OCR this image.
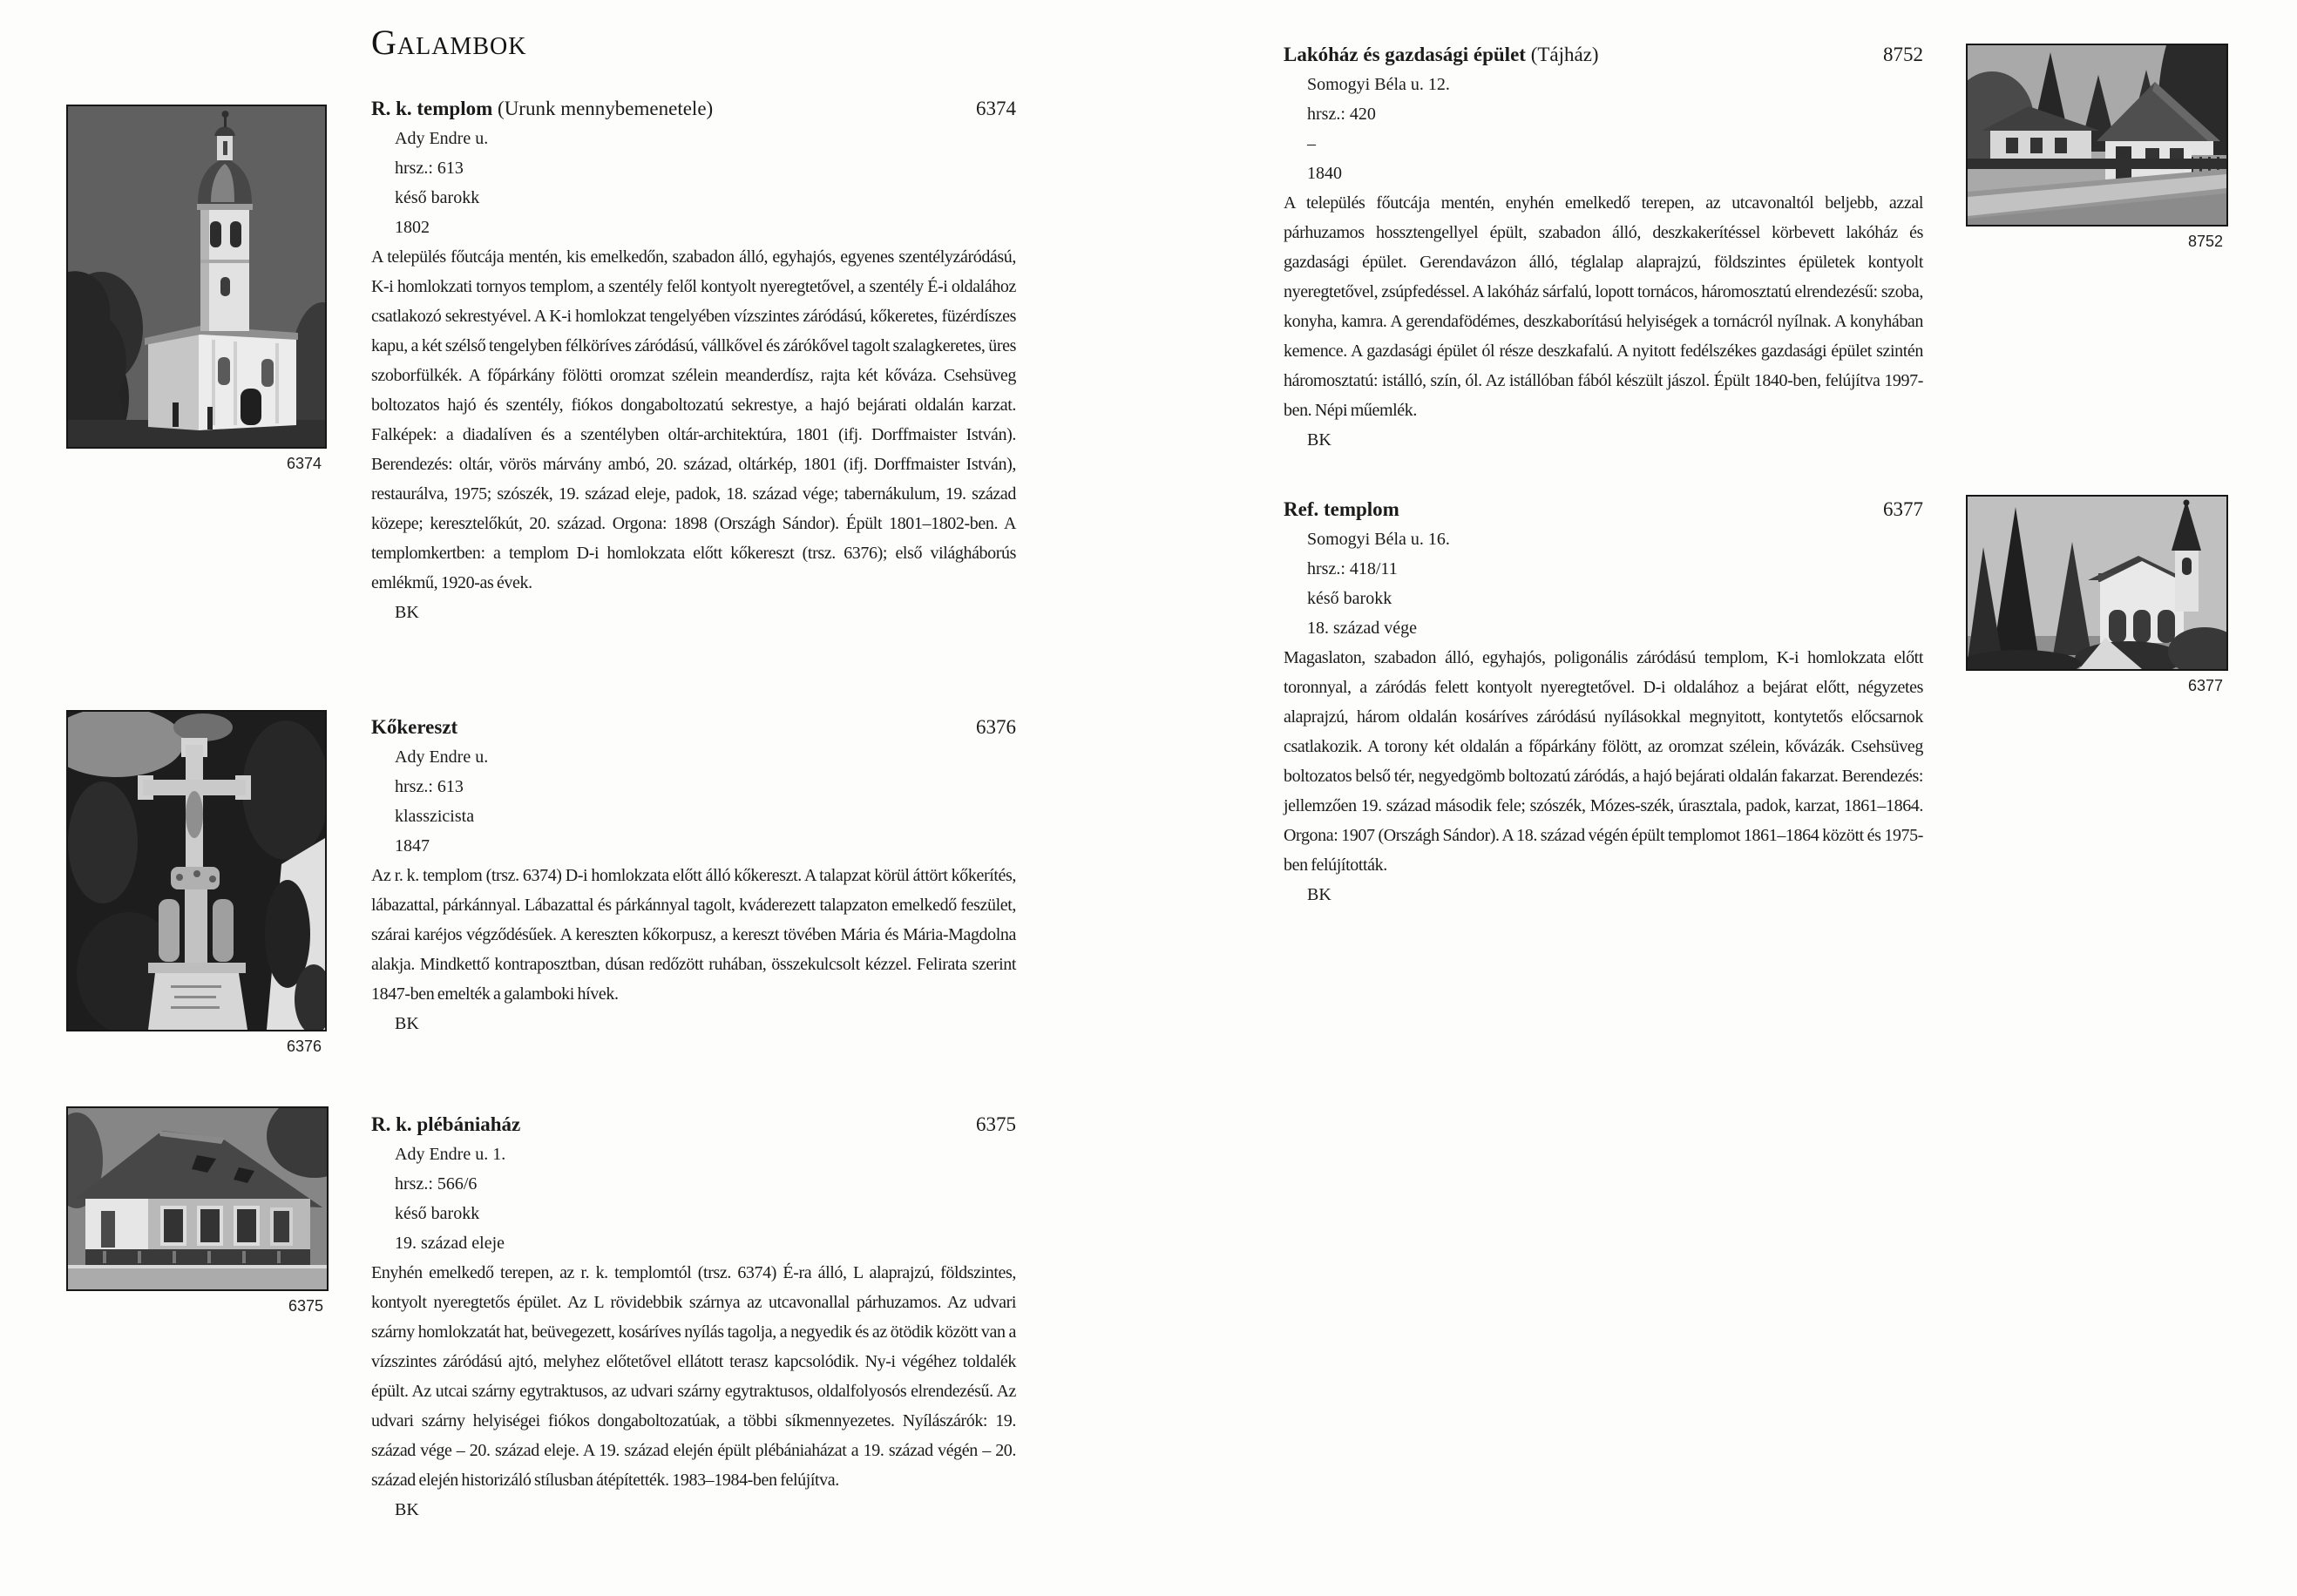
Galambok
6374
6376
6375
8752
6377
R. k. templom (Urunk mennybemenetele)	6374
Ady Endre u.
hrsz.: 613
késő barokk
1802

A település főutcája mentén, kis emelkedőn, szabadon álló, egyhajós, egyenes szentélyzáródású, K-i homlokzati tornyos templom, a szentély felől kontyolt nyeregtetővel, a szentély É-i oldalához csatlakozó sekrestyével. A K-i homlokzat tengelyében vízszintes záródású, kőkeretes, füzérdíszes kapu, a két szélső tengelyben félköríves záródású, vállkővel és zárókővel tagolt szalagkeretes, üres szoborfülkék. A főpárkány fölötti oromzat szélein meanderdísz, rajta két kőváza. Csehsüveg boltozatos hajó és szentély, fiókos dongaboltozatú sekrestye, a hajó bejárati oldalán karzat. Falképek: a diadalíven és a szentélyben oltár-architektúra, 1801 (ifj. Dorffmaister István). Berendezés: oltár, vörös márvány ambó, 20. század, oltárkép, 1801 (ifj. Dorffmaister István), restaurálva, 1975; szószék, 19. század eleje, padok, 18. század vége; tabernákulum, 19. század közepe; keresztelőkút, 20. század. Orgona: 1898 (Országh Sándor). Épült 1801–1802-ben. A templomkertben: a templom D-i homlokzata előtt kőkereszt (trsz. 6376); első világháborús emlékmű, 1920-as évek.

BK
Kőkereszt	6376
Ady Endre u.
hrsz.: 613
klasszicista
1847

Az r. k. templom (trsz. 6374) D-i homlokzata előtt álló kőkereszt. A talapzat körül áttört kőkerítés, lábazattal, párkánnyal. Lábazattal és párkánnyal tagolt, kváderezett talapzaton emelkedő feszület, szárai karéjos végződésűek. A kereszten kőkorpusz, a kereszt tövében Mária és Mária-Magdolna alakja. Mindkettő kontraposztban, dúsan redőzött ruhában, összekulcsolt kézzel. Felirata szerint 1847-ben emelték a galamboki hívek.

BK
R. k. plébániaház	6375
Ady Endre u. 1.
hrsz.: 566/6
késő barokk
19. század eleje

Enyhén emelkedő terepen, az r. k. templomtól (trsz. 6374) É-ra álló, L alaprajzú, földszintes, kontyolt nyeregtetős épület. Az L rövidebbik szárnya az utcavonallal párhuzamos. Az udvari szárny homlokzatát hat, beüvegezett, kosáríves nyílás tagolja, a negyedik és az ötödik között van a vízszintes záródású ajtó, melyhez előtetővel ellátott terasz kapcsolódik. Ny-i végéhez toldalék épült. Az utcai szárny egytraktusos, az udvari szárny egytraktusos, oldalfolyosós elrendezésű. Az udvari szárny helyiségei fiókos dongaboltozatúak, a többi síkmennyezetes. Nyílászárók: 19. század vége – 20. század eleje. A 19. század elején épült plébániaházat a 19. század végén – 20. század elején historizáló stílusban átépítették. 1983–1984-ben felújítva.

BK
Lakóház és gazdasági épület (Tájház)	8752
Somogyi Béla u. 12.
hrsz.: 420
–
1840

A település főutcája mentén, enyhén emelkedő terepen, az utcavonaltól beljebb, azzal párhuzamos hossztengellyel épült, szabadon álló, deszkakerítéssel körbevett lakóház és gazdasági épület. Gerendavázon álló, téglalap alaprajzú, földszintes épületek kontyolt nyeregtetővel, zsúpfedéssel. A lakóház sárfalú, lopott tornácos, háromosztatú elrendezésű: szoba, konyha, kamra. A gerendafödémes, deszkaborítású helyiségek a tornácról nyílnak. A konyhában kemence. A gazdasági épület ól része deszkafalú. A nyitott fedélszékes gazdasági épület szintén háromosztatú: istálló, szín, ól. Az istállóban fából készült jászol. Épült 1840-ben, felújítva 1997-ben. Népi műemlék.

BK
Ref. templom	6377
Somogyi Béla u. 16.
hrsz.: 418/11
késő barokk
18. század vége

Magaslaton, szabadon álló, egyhajós, poligonális záródású templom, K-i homlokzata előtt toronnyal, a záródás felett kontyolt nyeregtetővel. D-i oldalához a bejárat előtt, négyzetes alaprajzú, három oldalán kosáríves záródású nyílásokkal megnyitott, kontytetős előcsarnok csatlakozik. A torony két oldalán a főpárkány fölött, az oromzat szélein, kővázák. Csehsüveg boltozatos belső tér, negyedgömb boltozatú záródás, a hajó bejárati oldalán fakarzat. Berendezés: jellemzően 19. század második fele; szószék, Mózes-szék, úrasztala, padok, karzat, 1861–1864. Orgona: 1907 (Országh Sándor). A 18. század végén épült templomot 1861–1864 között és 1975-ben felújították.

BK
